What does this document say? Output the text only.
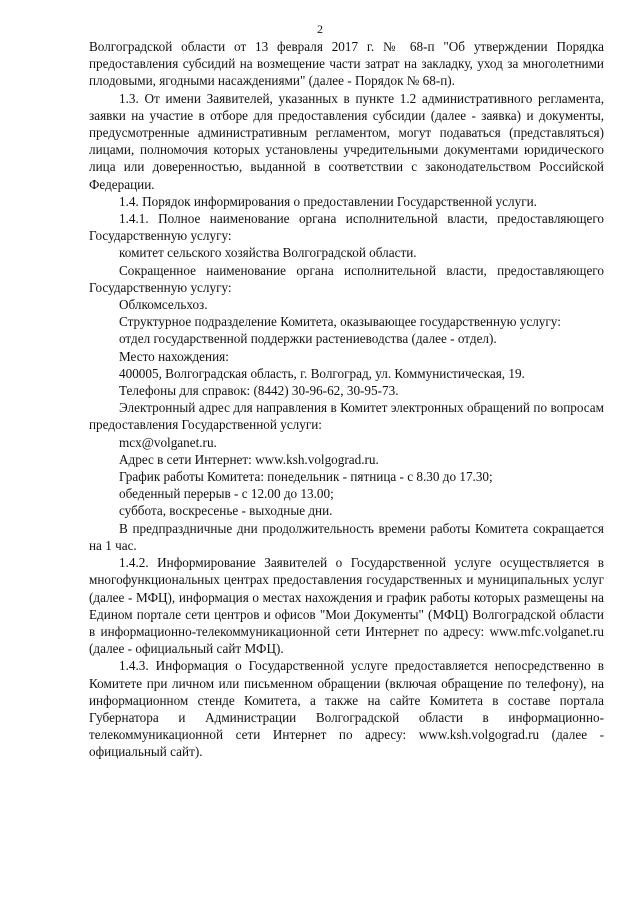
2

Волгоградской области от 13 февраля 2017 г. № 68-п "Об утверждении Порядка предоставления субсидий на возмещение части затрат на закладку, уход за многолетними плодовыми, ягодными насаждениями" (далее - Порядок № 68-п).

1.3. От имени Заявителей, указанных в пункте 1.2 административного регламента, заявки на участие в отборе для предоставления субсидии (далее - заявка) и документы, предусмотренные административным регламентом, могут подаваться (представляться) лицами, полномочия которых установлены учредительными документами юридического лица или доверенностью, выданной в соответствии с законодательством Российской Федерации.

1.4. Порядок информирования о предоставлении Государственной услуги.

1.4.1. Полное наименование органа исполнительной власти, предоставляющего Государственную услугу:

комитет сельского хозяйства Волгоградской области.

Сокращенное наименование органа исполнительной власти, предоставляющего Государственную услугу:

Облкомсельхоз.

Структурное подразделение Комитета, оказывающее государственную услугу:

отдел государственной поддержки растениеводства (далее - отдел).

Место нахождения:

400005, Волгоградская область, г. Волгоград, ул. Коммунистическая, 19.

Телефоны для справок: (8442) 30-96-62, 30-95-73.

Электронный адрес для направления в Комитет электронных обращений по вопросам предоставления Государственной услуги:

mcx@volganet.ru.

Адрес в сети Интернет: www.ksh.volgograd.ru.

График работы Комитета: понедельник - пятница - с 8.30 до 17.30;

обеденный перерыв - с 12.00 до 13.00;

суббота, воскресенье - выходные дни.

В предпраздничные дни продолжительность времени работы Комитета сокращается на 1 час.

1.4.2. Информирование Заявителей о Государственной услуге осуществляется в многофункциональных центрах предоставления государственных и муниципальных услуг (далее - МФЦ), информация о местах нахождения и график работы которых размещены на Едином портале сети центров и офисов "Мои Документы" (МФЦ) Волгоградской области в информационно-телекоммуникационной сети Интернет по адресу: www.mfc.volganet.ru (далее - официальный сайт МФЦ).

1.4.3. Информация о Государственной услуге предоставляется непосредственно в Комитете при личном или письменном обращении (включая обращение по телефону), на информационном стенде Комитета, а также на сайте Комитета в составе портала Губернатора и Администрации Волгоградской области в информационно-телекоммуникационной сети Интернет по адресу: www.ksh.volgograd.ru (далее - официальный сайт).
